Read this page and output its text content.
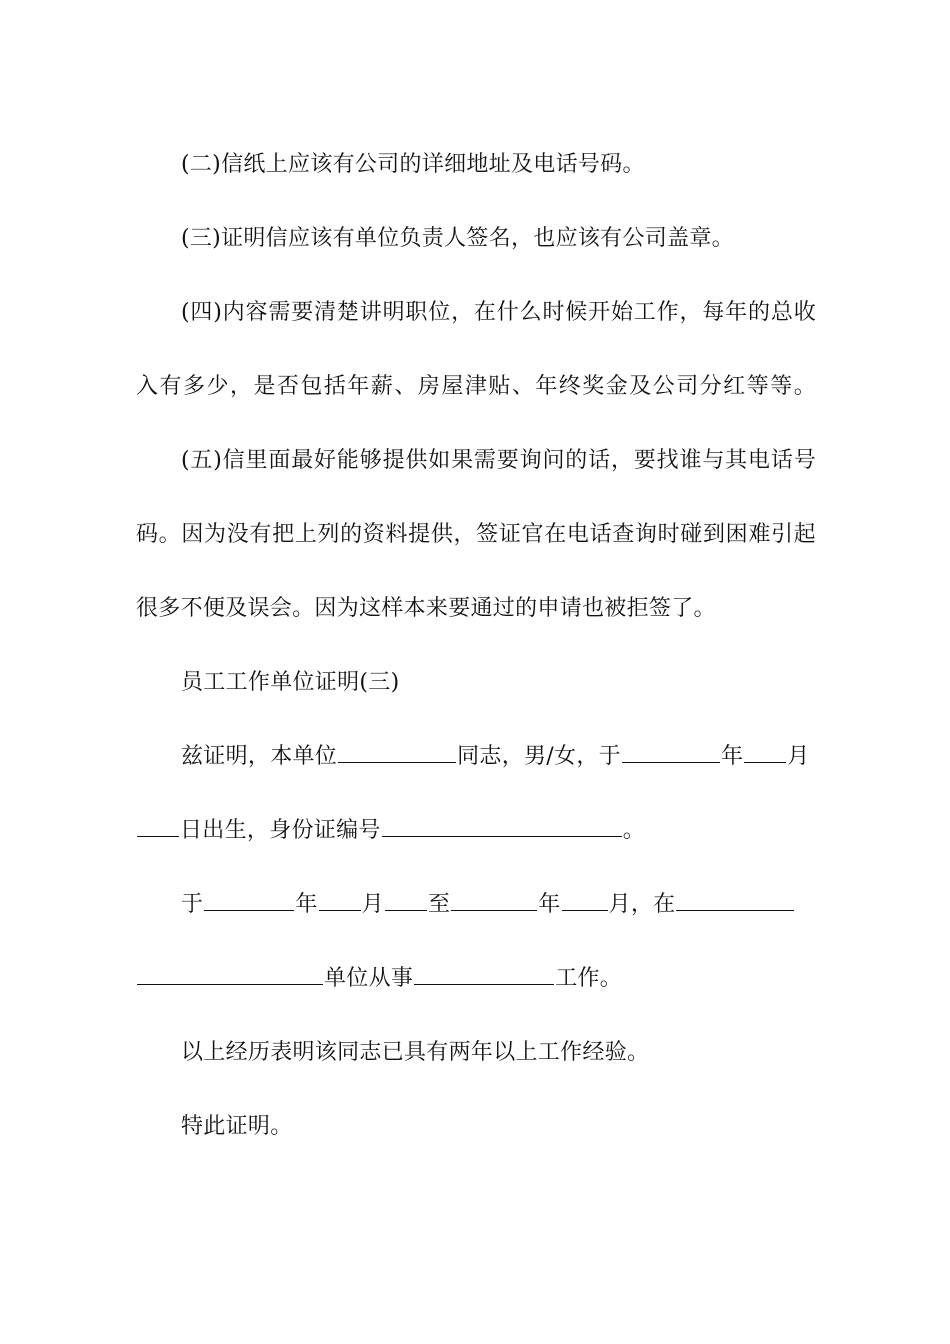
(二)信纸上应该有公司的详细地址及电话号码。
(三)证明信应该有单位负责人签名，也应该有公司盖章。
(四)内容需要清楚讲明职位，在什么时候开始工作，每年的总收
入有多少，是否包括年薪、房屋津贴、年终奖金及公司分红等等。
(五)信里面最好能够提供如果需要询问的话，要找谁与其电话号
码。因为没有把上列的资料提供，签证官在电话查询时碰到困难引起
很多不便及误会。因为这样本来要通过的申请也被拒签了。
员工工作单位证明(三)
兹证明，本单位	同志，男/女，于	年 月
日出生，身份证编号	。
于	年 月 至	年 月，在
单位从事	工作。
以上经历表明该同志已具有两年以上工作经验。
特此证明。
